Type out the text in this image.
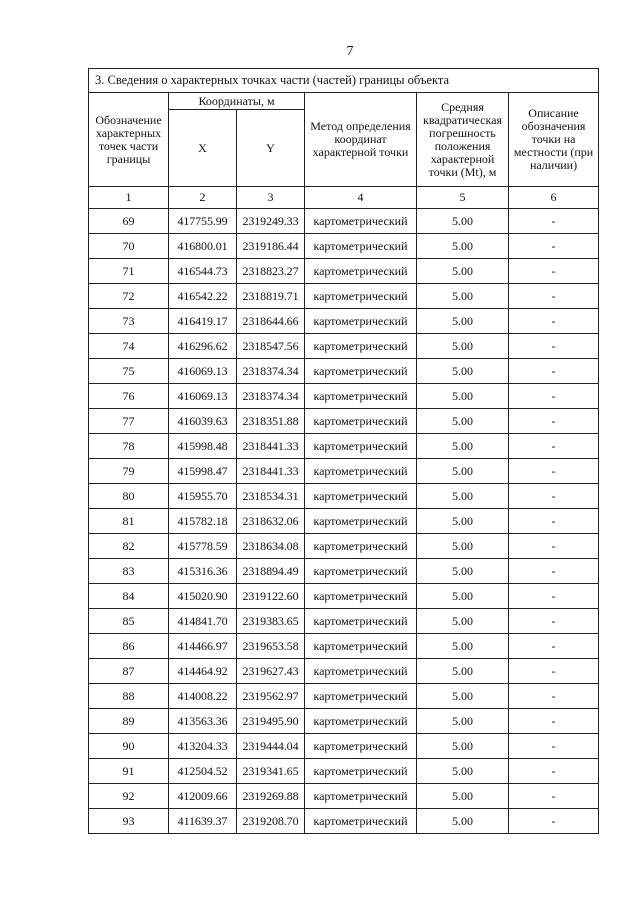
7
3. Сведения о характерных точках части (частей) границы объекта					
Обозначение характерных точек части границы	Координаты, м		Метод определения координат характерной точки	Средняя квадратическая погрешность положения характерной точки (Mt), м	Описание обозначения точки на местности (при наличии)
	X	Y			
1	2	3	4	5	6
69	417755.99	2319249.33	картометрический	5.00	-
70	416800.01	2319186.44	картометрический	5.00	-
71	416544.73	2318823.27	картометрический	5.00	-
72	416542.22	2318819.71	картометрический	5.00	-
73	416419.17	2318644.66	картометрический	5.00	-
74	416296.62	2318547.56	картометрический	5.00	-
75	416069.13	2318374.34	картометрический	5.00	-
76	416069.13	2318374.34	картометрический	5.00	-
77	416039.63	2318351.88	картометрический	5.00	-
78	415998.48	2318441.33	картометрический	5.00	-
79	415998.47	2318441.33	картометрический	5.00	-
80	415955.70	2318534.31	картометрический	5.00	-
81	415782.18	2318632.06	картометрический	5.00	-
82	415778.59	2318634.08	картометрический	5.00	-
83	415316.36	2318894.49	картометрический	5.00	-
84	415020.90	2319122.60	картометрический	5.00	-
85	414841.70	2319383.65	картометрический	5.00	-
86	414466.97	2319653.58	картометрический	5.00	-
87	414464.92	2319627.43	картометрический	5.00	-
88	414008.22	2319562.97	картометрический	5.00	-
89	413563.36	2319495.90	картометрический	5.00	-
90	413204.33	2319444.04	картометрический	5.00	-
91	412504.52	2319341.65	картометрический	5.00	-
92	412009.66	2319269.88	картометрический	5.00	-
93	411639.37	2319208.70	картометрический	5.00	-
